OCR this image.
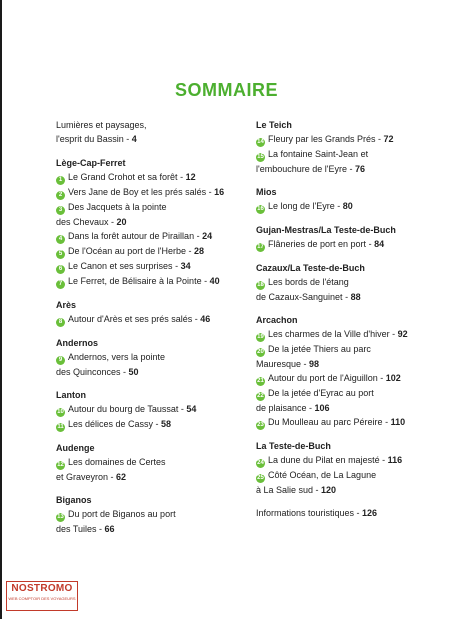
SOMMAIRE
Lumières et paysages,
l'esprit du Bassin - 4
Lège-Cap-Ferret
1 Le Grand Crohot et sa forêt - 12
2 Vers Jane de Boy et les prés salés - 16
3 Des Jacquets à la pointe
des Chevaux - 20
4 Dans la forêt autour de Piraillan - 24
5 De l'Océan au port de l'Herbe - 28
6 Le Canon et ses surprises - 34
7 Le Ferret, de Bélisaire à la Pointe - 40
Arès
8 Autour d'Arès et ses prés salés - 46
Andernos
9 Andernos, vers la pointe
des Quinconces - 50
Lanton
10 Autour du bourg de Taussat - 54
11 Les délices de Cassy - 58
Audenge
12 Les domaines de Certes
et Graveyron - 62
Biganos
13 Du port de Biganos au port
des Tuiles - 66
Le Teich
14 Fleury par les Grands Prés - 72
15 La fontaine Saint-Jean et
l'embouchure de l'Eyre - 76
Mios
16 Le long de l'Eyre - 80
Gujan-Mestras/La Teste-de-Buch
17 Flâneries de port en port - 84
Cazaux/La Teste-de-Buch
18 Les bords de l'étang
de Cazaux-Sanguinet - 88
Arcachon
19 Les charmes de la Ville d'hiver - 92
20 De la jetée Thiers au parc
Mauresque - 98
21 Autour du port de l'Aiguillon - 102
22 De la jetée d'Eyrac au port
de plaisance - 106
23 Du Moulleau au parc Péreire - 110
La Teste-de-Buch
24 La dune du Pilat en majesté - 116
25 Côté Océan, de La Lagune
à La Salie sud - 120
Informations touristiques - 126
NOSTROMO
WEB COMPTOIR DES VOYAGEURS
